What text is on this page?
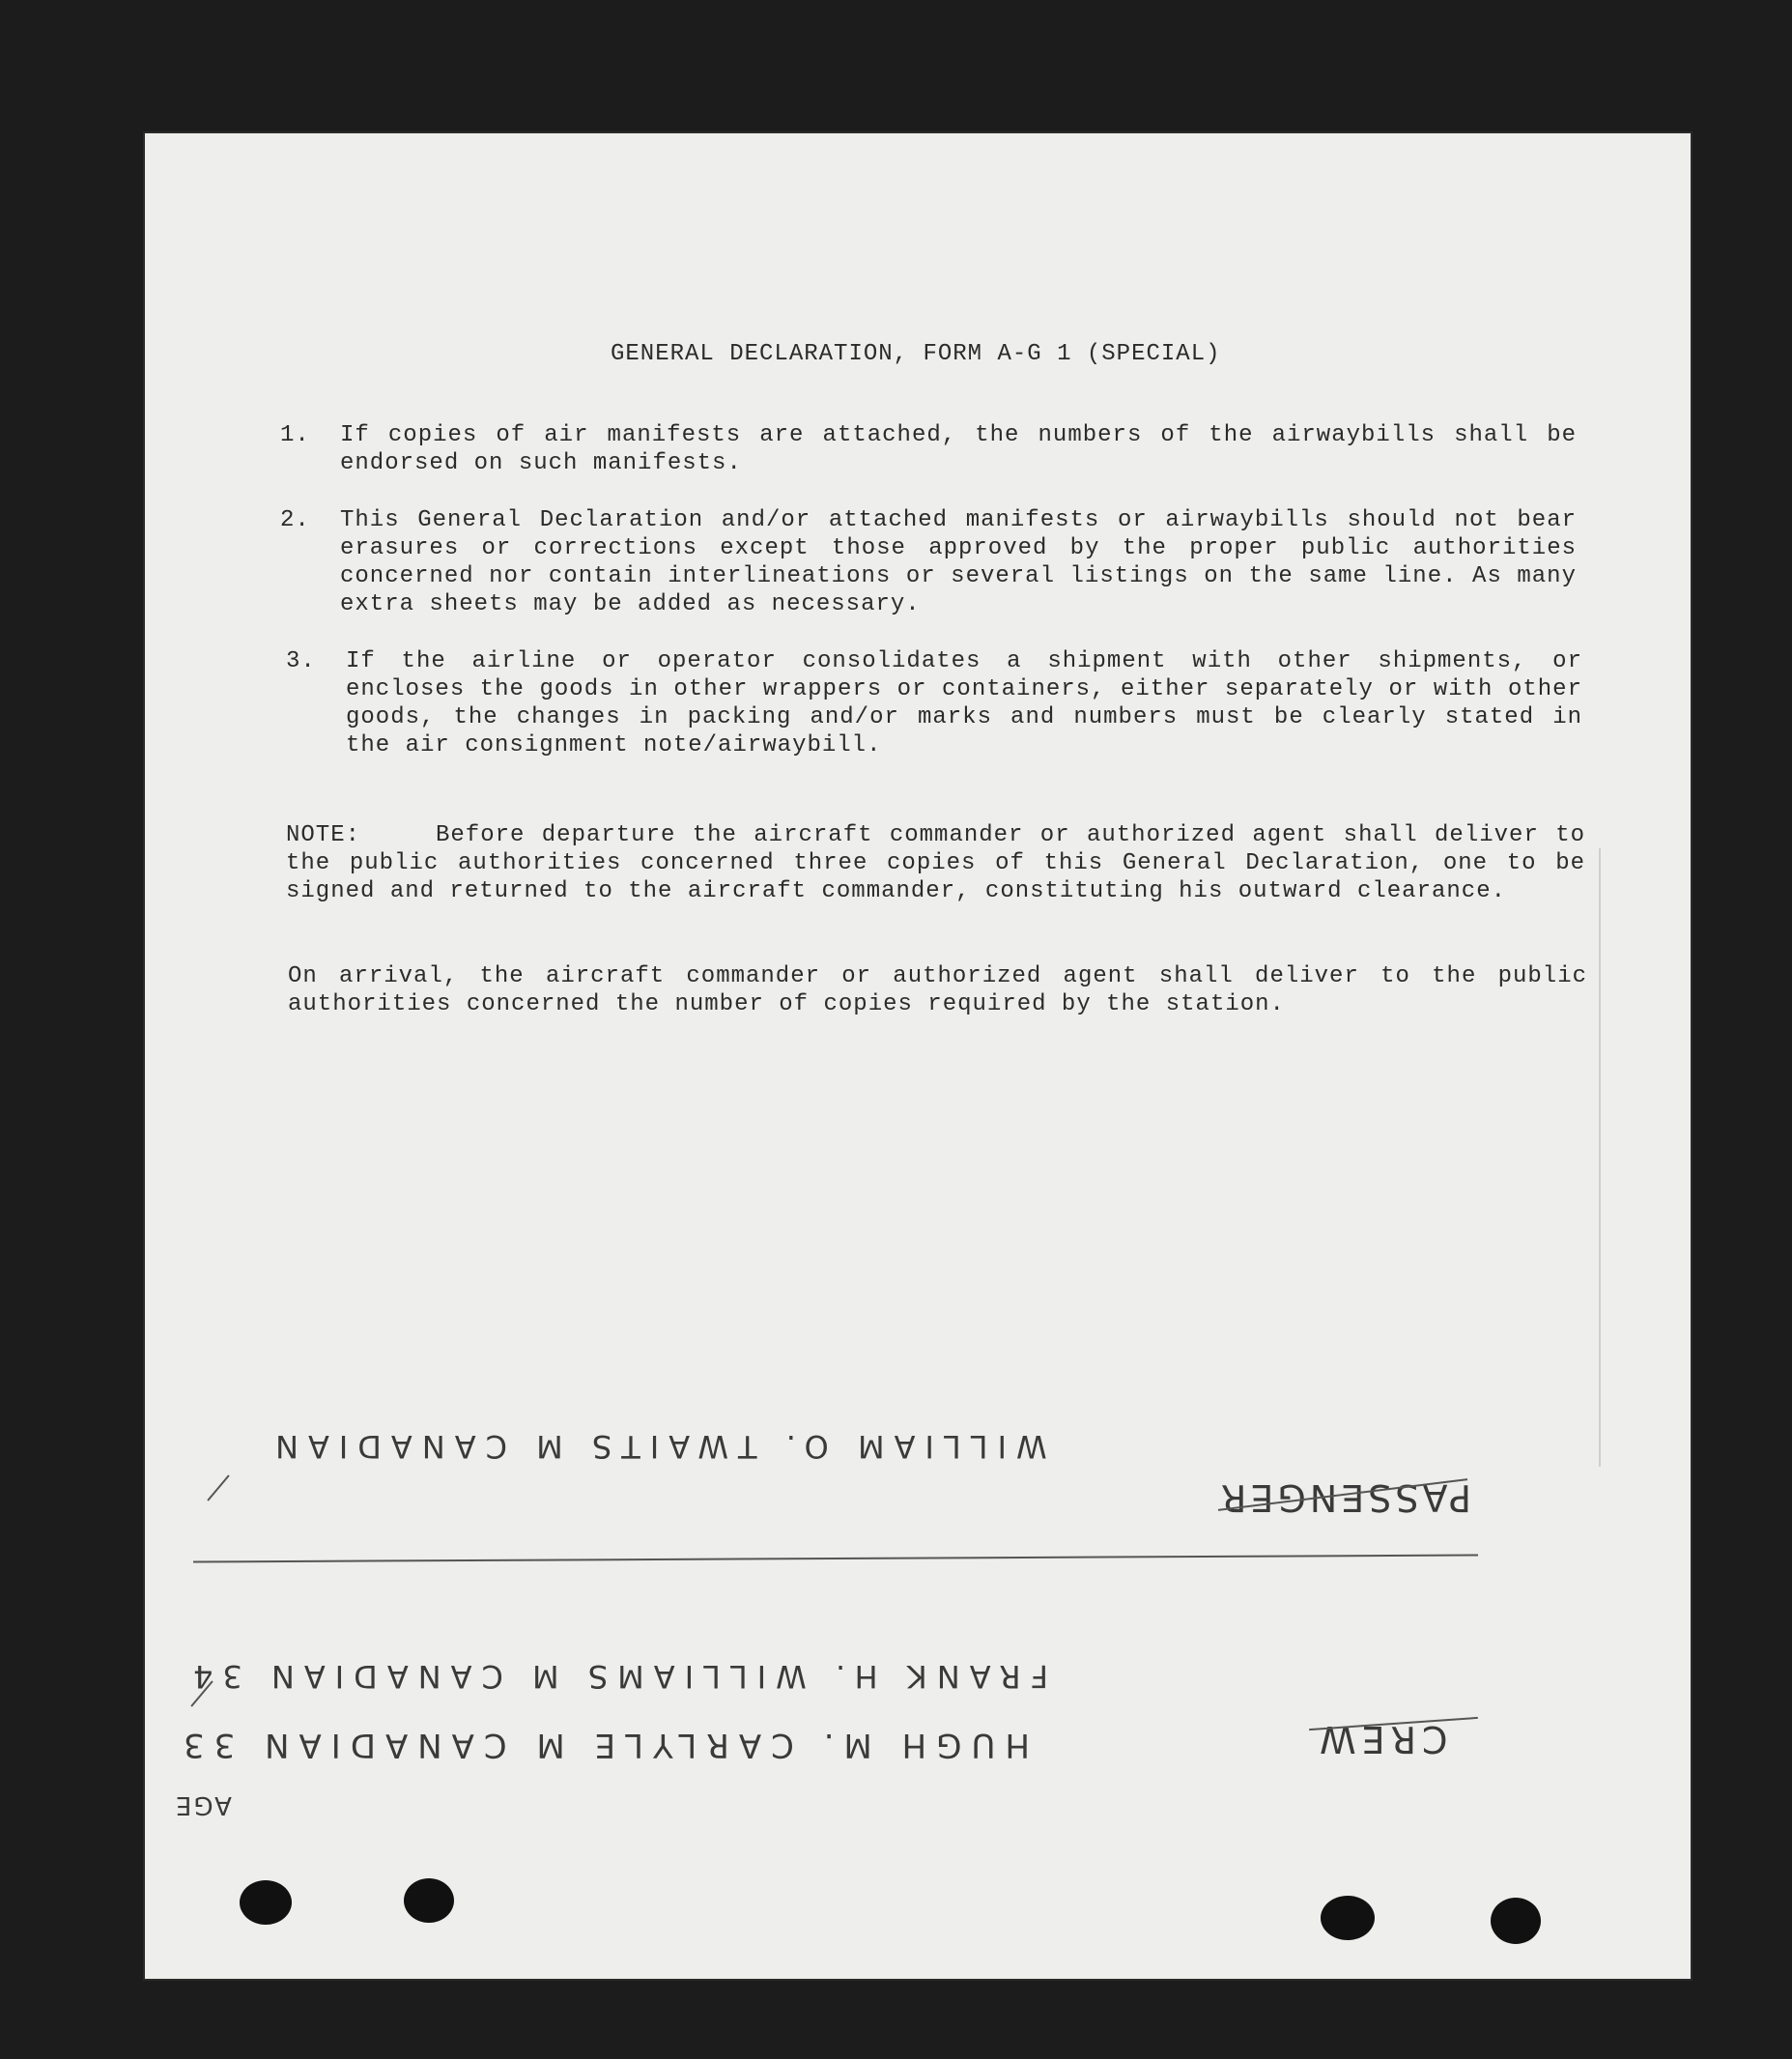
GENERAL DECLARATION, FORM A-G 1 (SPECIAL)
1. If copies of air manifests are attached, the numbers of the airwaybills shall be endorsed on such manifests.
2. This General Declaration and/or attached manifests or airwaybills should not bear erasures or corrections except those approved by the proper public authorities concerned nor contain interlineations or several listings on the same line. As many extra sheets may be added as necessary.
3. If the airline or operator consolidates a shipment with other shipments, or encloses the goods in other wrappers or containers, either separately or with other goods, the changes in packing and/or marks and numbers must be clearly stated in the air consignment note/airwaybill.
NOTE:	Before departure the aircraft commander or authorized agent shall deliver to the public authorities concerned three copies of this General Declaration, one to be signed and returned to the aircraft commander, constituting his outward clearance.
On arrival, the aircraft commander or authorized agent shall deliver to the public authorities concerned the number of copies required by the station.
WILLIAM O. TWAITS M CANADIAN
PASSENGER
FRANK H. WILLIAMS M CANADIAN 34
HUGH M. CARLYLE M CANADIAN 33	CREW
AGE
